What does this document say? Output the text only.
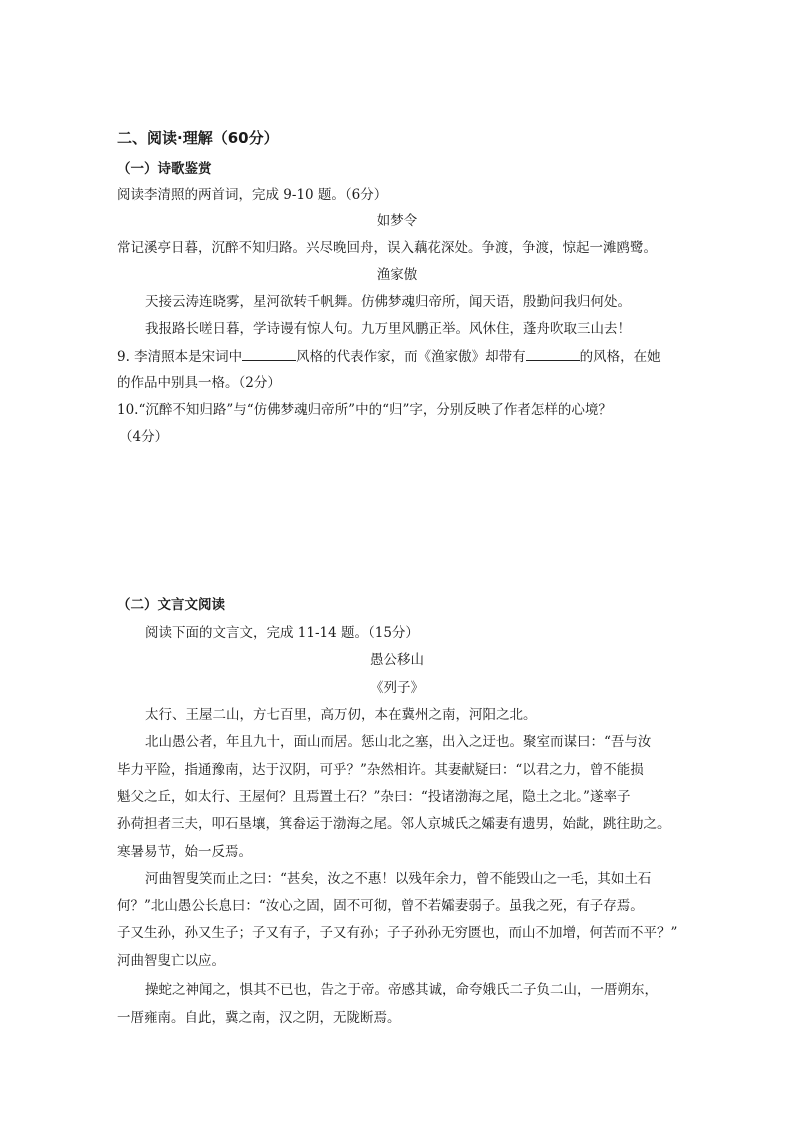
二、阅读·理解（60分）
（一）诗歌鉴赏
阅读李清照的两首词，完成 9-10 题。（6分）
如梦令
常记溪亭日暮，沉醉不知归路。兴尽晚回舟，误入藕花深处。争渡，争渡，惊起一滩鸥鹭。
渔家傲
天接云涛连晓雾，星河欲转千帆舞。仿佛梦魂归帝所，闻天语，殷勤问我归何处。
我报路长嗟日暮，学诗谩有惊人句。九万里风鹏正举。风休住，蓬舟吹取三山去！
9. 李清照本是宋词中	风格的代表作家，而《渔家傲》却带有	的风格，在她
的作品中别具一格。（2分）
10.“沉醉不知归路”与“仿佛梦魂归帝所”中的“归”字，分别反映了作者怎样的心境？
（4分）
（二）文言文阅读
阅读下面的文言文，完成 11-14 题。（15分）
愚公移山
《列子》
太行、王屋二山，方七百里，高万仞，本在冀州之南，河阳之北。
北山愚公者，年且九十，面山而居。惩山北之塞，出入之迂也。聚室而谋曰：“吾与汝
毕力平险，指通豫南，达于汉阴，可乎？”杂然相许。其妻献疑曰：“以君之力，曾不能损
魁父之丘，如太行、王屋何？且焉置土石？”杂曰：“投诸渤海之尾，隐土之北。”遂率子
孙荷担者三夫，叩石垦壤，箕畚运于渤海之尾。邻人京城氏之孀妻有遗男，始龀，跳往助之。
寒暑易节，始一反焉。
河曲智叟笑而止之曰：“甚矣，汝之不惠！以残年余力，曾不能毁山之一毛，其如土石
何？”北山愚公长息曰：“汝心之固，固不可彻，曾不若孀妻弱子。虽我之死，有子存焉。
子又生孙，孙又生子；子又有子，子又有孙；子子孙孙无穷匮也，而山不加增，何苦而不平？”
河曲智叟亡以应。
操蛇之神闻之，惧其不已也，告之于帝。帝感其诚，命夸娥氏二子负二山，一厝朔东，
一厝雍南。自此，冀之南，汉之阴，无陇断焉。
